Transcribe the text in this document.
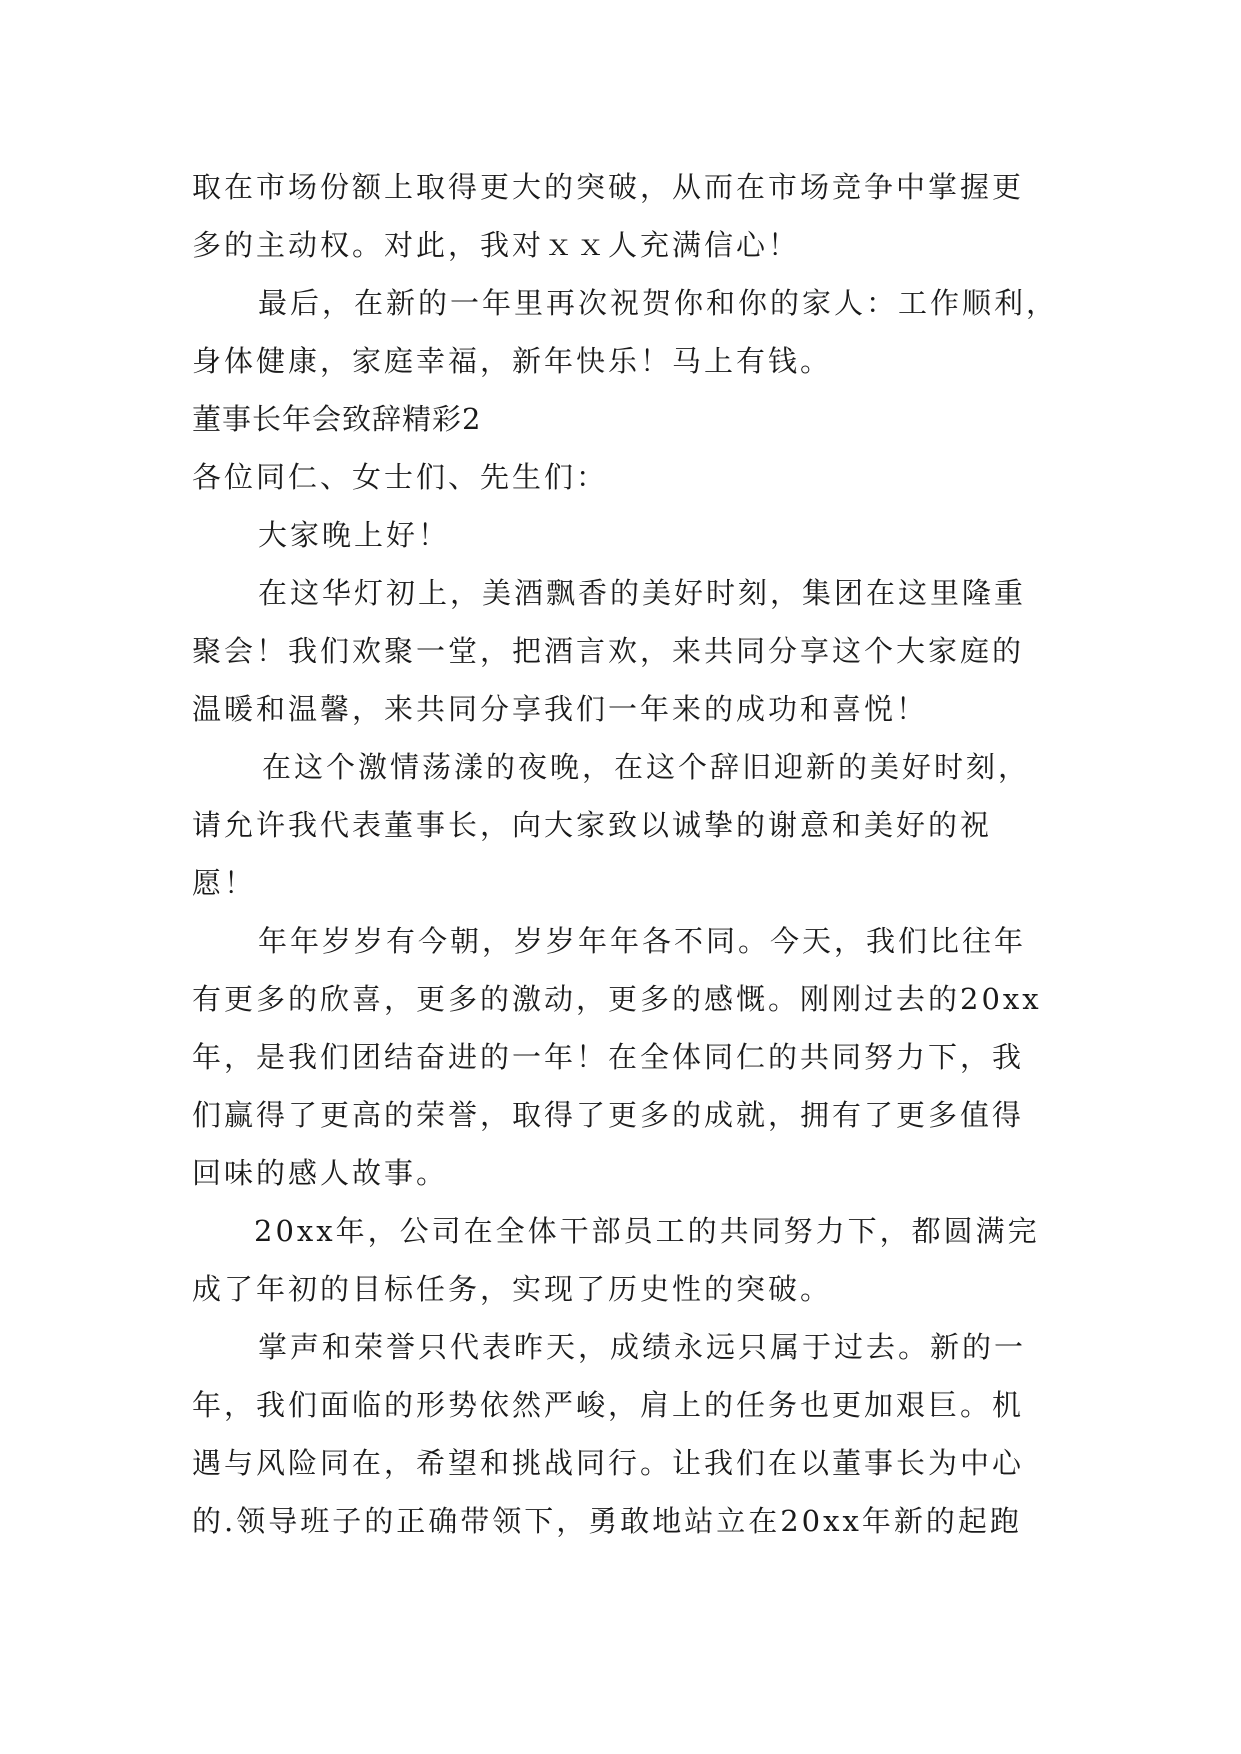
取在市场份额上取得更大的突破，从而在市场竞争中掌握更
多的主动权。对此，我对ｘｘ人充满信心！
最后，在新的一年里再次祝贺你和你的家人：工作顺利，
身体健康，家庭幸福，新年快乐！马上有钱。
董事长年会致辞精彩2
各位同仁、女士们、先生们：
大家晚上好！
在这华灯初上，美酒飘香的美好时刻，集团在这里隆重
聚会！我们欢聚一堂，把酒言欢，来共同分享这个大家庭的
温暖和温馨，来共同分享我们一年来的成功和喜悦！
在这个激情荡漾的夜晚，在这个辞旧迎新的美好时刻，
请允许我代表董事长，向大家致以诚挚的谢意和美好的祝
愿！
年年岁岁有今朝，岁岁年年各不同。今天，我们比往年
有更多的欣喜，更多的激动，更多的感慨。刚刚过去的20xx
年，是我们团结奋进的一年！在全体同仁的共同努力下，我
们赢得了更高的荣誉，取得了更多的成就，拥有了更多值得
回味的感人故事。
20xx年，公司在全体干部员工的共同努力下，都圆满完
成了年初的目标任务，实现了历史性的突破。
掌声和荣誉只代表昨天，成绩永远只属于过去。新的一
年，我们面临的形势依然严峻，肩上的任务也更加艰巨。机
遇与风险同在，希望和挑战同行。让我们在以董事长为中心
的.领导班子的正确带领下，勇敢地站立在20xx年新的起跑
